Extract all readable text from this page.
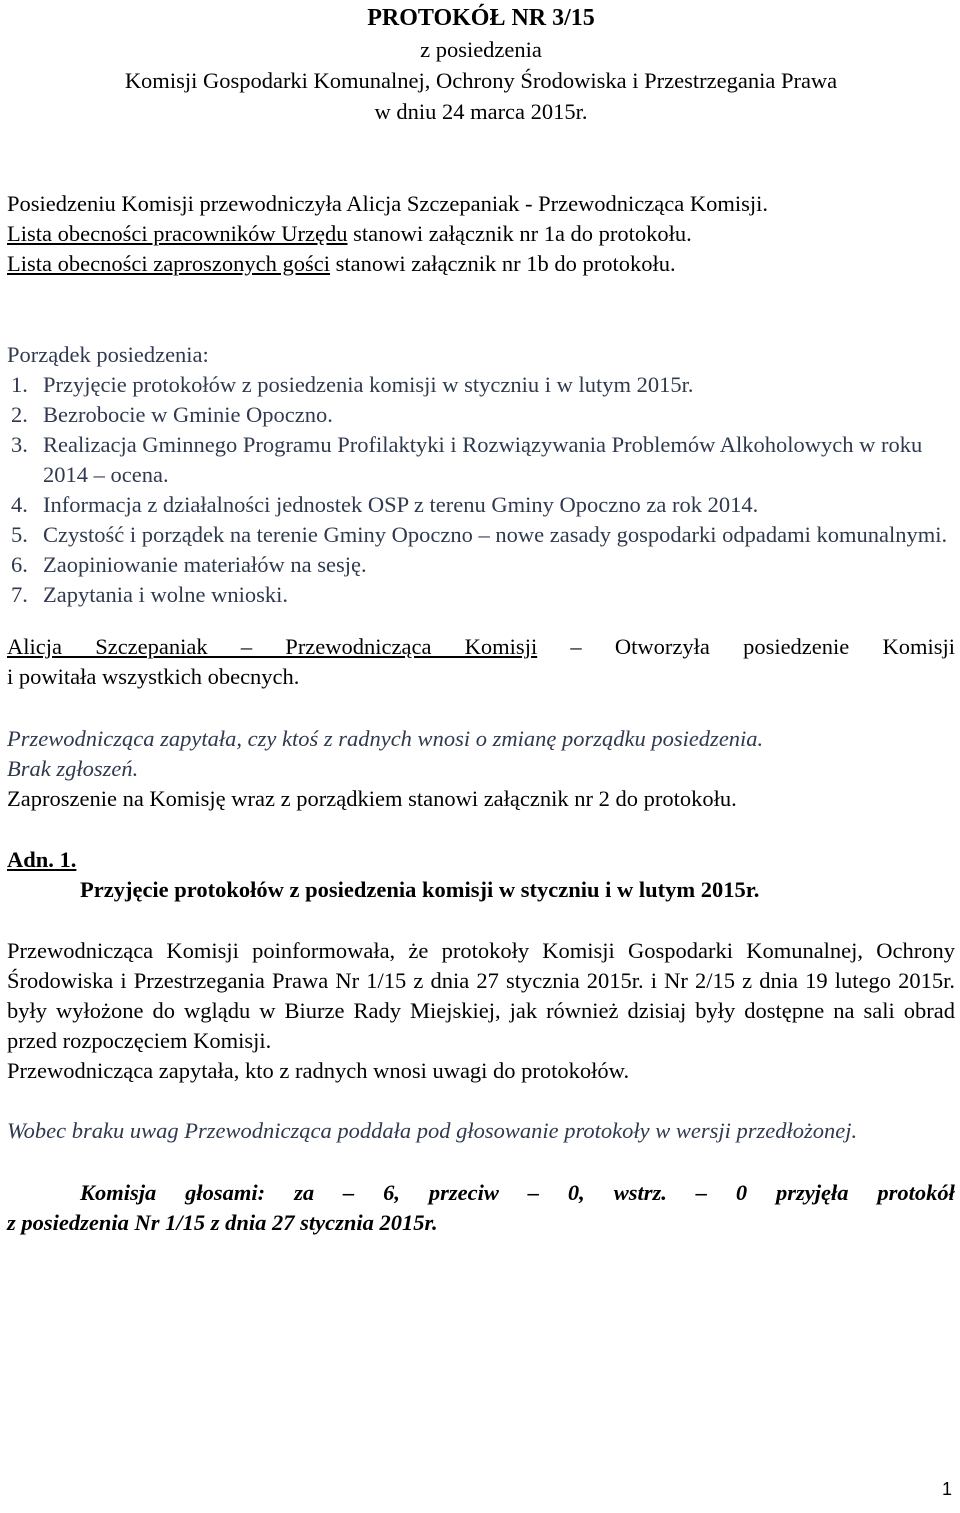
PROTOKÓŁ NR 3/15
z posiedzenia
Komisji Gospodarki Komunalnej, Ochrony Środowiska i Przestrzegania Prawa
w dniu 24 marca 2015r.
Posiedzeniu Komisji przewodniczyła Alicja Szczepaniak - Przewodnicząca Komisji.
Lista obecności pracowników Urzędu stanowi załącznik nr 1a do protokołu.
Lista obecności zaproszonych gości stanowi załącznik nr 1b do protokołu.
Porządek posiedzenia:
1. Przyjęcie protokołów z posiedzenia komisji w styczniu i w lutym 2015r.
2. Bezrobocie w Gminie Opoczno.
3. Realizacja Gminnego Programu Profilaktyki i Rozwiązywania Problemów Alkoholowych w roku 2014 – ocena.
4. Informacja z działalności jednostek OSP z terenu Gminy Opoczno za rok 2014.
5. Czystość i porządek na terenie Gminy Opoczno – nowe zasady gospodarki odpadami komunalnymi.
6. Zaopiniowanie materiałów na sesję.
7. Zapytania i wolne wnioski.
Alicja Szczepaniak – Przewodnicząca Komisji – Otworzyła posiedzenie Komisji
i powitała wszystkich obecnych.
Przewodnicząca zapytała, czy ktoś z radnych wnosi o zmianę porządku posiedzenia.
Brak zgłoszeń.
Zaproszenie na Komisję wraz z porządkiem stanowi załącznik nr 2 do protokołu.
Adn. 1.
Przyjęcie protokołów z posiedzenia komisji w styczniu i w lutym 2015r.

Przewodnicząca Komisji poinformowała, że protokoły Komisji Gospodarki Komunalnej, Ochrony Środowiska i Przestrzegania Prawa Nr 1/15 z dnia 27 stycznia 2015r. i Nr 2/15 z dnia 19 lutego 2015r. były wyłożone do wglądu w Biurze Rady Miejskiej, jak również dzisiaj były dostępne na sali obrad przed rozpoczęciem Komisji.

Przewodnicząca zapytała, kto z radnych wnosi uwagi do protokołów.

Wobec braku uwag Przewodnicząca poddała pod głosowanie protokoły w wersji przedłożonej.

Komisja głosami: za – 6, przeciw – 0, wstrz. – 0 przyjęła protokół
z posiedzenia Nr 1/15 z dnia 27 stycznia 2015r.
1
